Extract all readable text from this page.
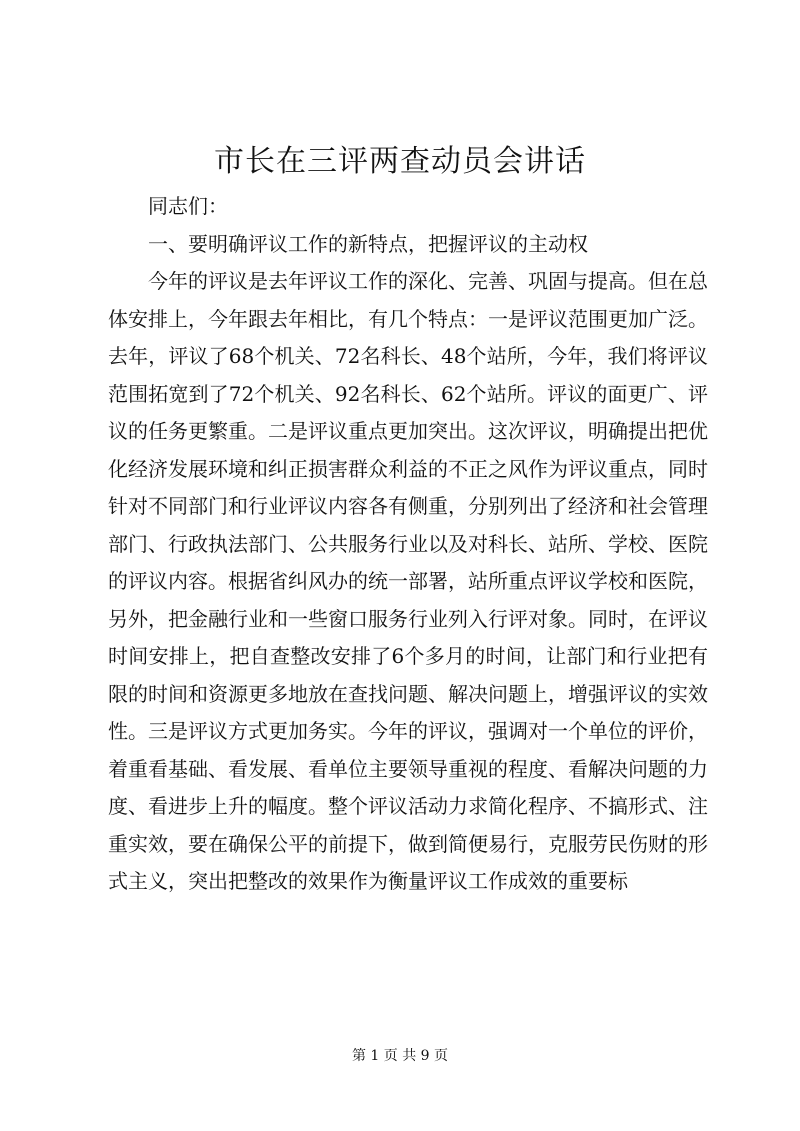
市长在三评两查动员会讲话

同志们：

一、要明确评议工作的新特点，把握评议的主动权

今年的评议是去年评议工作的深化、完善、巩固与提高。但在总体安排上，今年跟去年相比，有几个特点：一是评议范围更加广泛。去年，评议了68个机关、72名科长、48个站所，今年，我们将评议范围拓宽到了72个机关、92名科长、62个站所。评议的面更广、评议的任务更繁重。二是评议重点更加突出。这次评议，明确提出把优化经济发展环境和纠正损害群众利益的不正之风作为评议重点，同时针对不同部门和行业评议内容各有侧重，分别列出了经济和社会管理部门、行政执法部门、公共服务行业以及对科长、站所、学校、医院的评议内容。根据省纠风办的统一部署，站所重点评议学校和医院，另外，把金融行业和一些窗口服务行业列入行评对象。同时，在评议时间安排上，把自查整改安排了6个多月的时间，让部门和行业把有限的时间和资源更多地放在查找问题、解决问题上，增强评议的实效性。三是评议方式更加务实。今年的评议，强调对一个单位的评价，着重看基础、看发展、看单位主要领导重视的程度、看解决问题的力度、看进步上升的幅度。整个评议活动力求简化程序、不搞形式、注重实效，要在确保公平的前提下，做到简便易行，克服劳民伤财的形式主义，突出把整改的效果作为衡量评议工作成效的重要标

第 1 页 共 9 页
